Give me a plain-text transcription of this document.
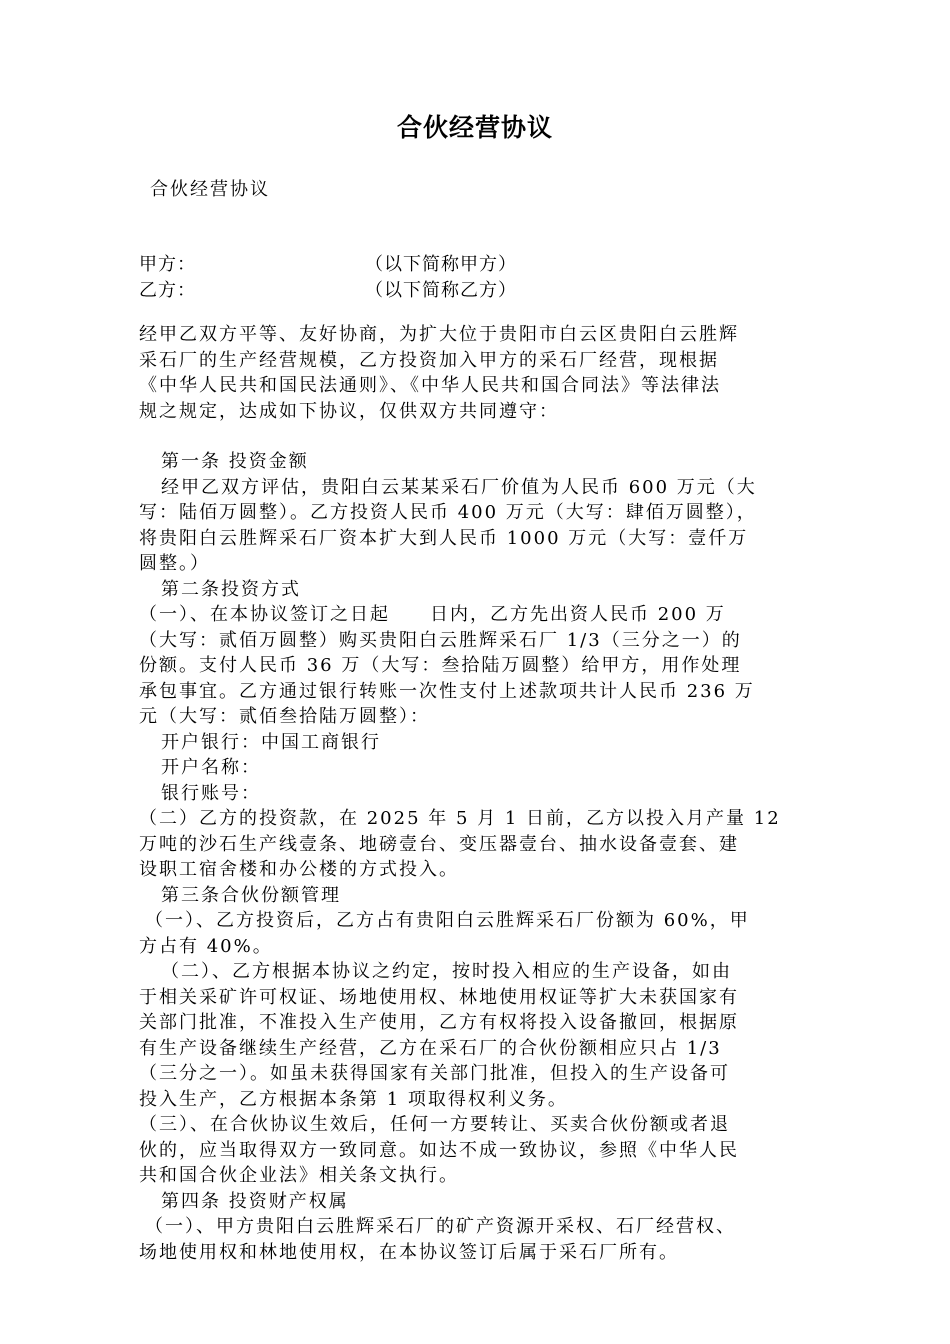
合伙经营协议
合伙经营协议
甲方：	（以下简称甲方）
乙方：	（以下简称乙方）
经甲乙双方平等、友好协商，为扩大位于贵阳市白云区贵阳白云胜辉
采石厂的生产经营规模，乙方投资加入甲方的采石厂经营，现根据
《中华人民共和国民法通则》、《中华人民共和国合同法》等法律法
规之规定，达成如下协议，仅供双方共同遵守：
第一条 投资金额
经甲乙双方评估，贵阳白云某某采石厂价值为人民币 600 万元（大
写：陆佰万圆整）。乙方投资人民币 400 万元（大写：肆佰万圆整），
将贵阳白云胜辉采石厂资本扩大到人民币 1000 万元（大写：壹仟万
圆整。）
第二条投资方式
（一）、在本协议签订之日起　　日内，乙方先出资人民币 200 万
（大写：贰佰万圆整）购买贵阳白云胜辉采石厂 1/3（三分之一）的
份额。支付人民币 36 万（大写：叁拾陆万圆整）给甲方，用作处理
承包事宜。乙方通过银行转账一次性支付上述款项共计人民币 236 万
元（大写：贰佰叁拾陆万圆整）：
开户银行：中国工商银行
开户名称：
银行账号：
（二）乙方的投资款，在 2025 年 5 月 1 日前，乙方以投入月产量 12
万吨的沙石生产线壹条、地磅壹台、变压器壹台、抽水设备壹套、建
设职工宿舍楼和办公楼的方式投入。
第三条合伙份额管理
（一）、乙方投资后，乙方占有贵阳白云胜辉采石厂份额为 60%，甲
方占有 40%。
（二）、乙方根据本协议之约定，按时投入相应的生产设备，如由
于相关采矿许可权证、场地使用权、林地使用权证等扩大未获国家有
关部门批准，不准投入生产使用，乙方有权将投入设备撤回，根据原
有生产设备继续生产经营，乙方在采石厂的合伙份额相应只占 1/3
（三分之一）。如虽未获得国家有关部门批准，但投入的生产设备可
投入生产，乙方根据本条第 1 项取得权利义务。
（三）、在合伙协议生效后，任何一方要转让、买卖合伙份额或者退
伙的，应当取得双方一致同意。如达不成一致协议，参照《中华人民
共和国合伙企业法》相关条文执行。
第四条 投资财产权属
（一）、甲方贵阳白云胜辉采石厂的矿产资源开采权、石厂经营权、
场地使用权和林地使用权，在本协议签订后属于采石厂所有。
